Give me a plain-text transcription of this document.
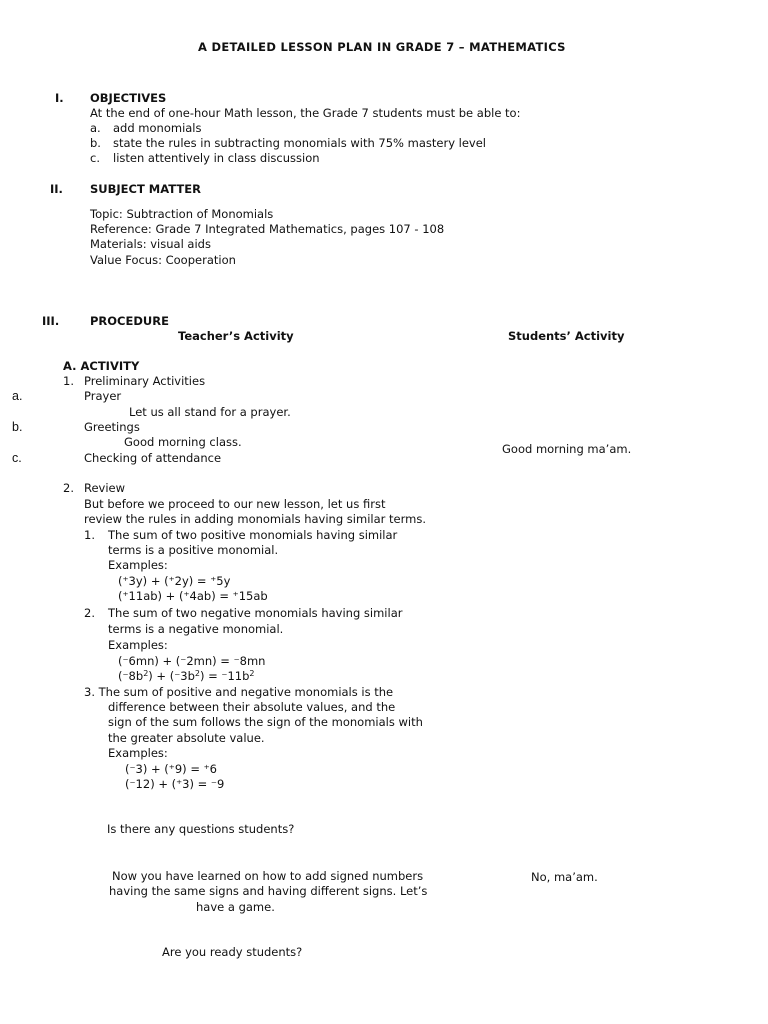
A DETAILED LESSON PLAN IN GRADE 7 – MATHEMATICS
I. OBJECTIVES
At the end of one-hour Math lesson, the Grade 7 students must be able to:
a. add monomials
b. state the rules in subtracting monomials with 75% mastery level
c. listen attentively in class discussion
II. SUBJECT MATTER
Topic: Subtraction of Monomials
Reference: Grade 7 Integrated Mathematics, pages 107 - 108
Materials: visual aids
Value Focus: Cooperation
III.	PROCEDURE
Teacher’s Activity	Students’ Activity
A. ACTIVITY
1. Preliminary Activities
a.	Prayer
Let us all stand for a prayer.
b.	Greetings
Good morning class.
c.	Checking of attendance
Good morning ma’am.
2. Review
But before we proceed to our new lesson, let us first
review the rules in adding monomials having similar terms.
1. The sum of two positive monomials having similar
terms is a positive monomial.
Examples:
(⁺3y) + (⁺2y) = ⁺5y
(⁺11ab) + (⁺4ab) = ⁺15ab
2. The sum of two negative monomials having similar
terms is a negative monomial.
Examples:
(⁻6mn) + (⁻2mn) = ⁻8mn
$(^-8b^2) + (^-3b^2) = ^-11b^2$
3. The sum of positive and negative monomials is the
difference between their absolute values, and the
sign of the sum follows the sign of the monomials with
the greater absolute value.
Examples:
(⁻3) + (⁺9) = ⁺6
(⁻12) + (⁺3) = ⁻9
Is there any questions students?
Now you have learned on how to add signed numbers
having the same signs and having different signs. Let’s
have a game.
No, ma’am.
Are you ready students?
